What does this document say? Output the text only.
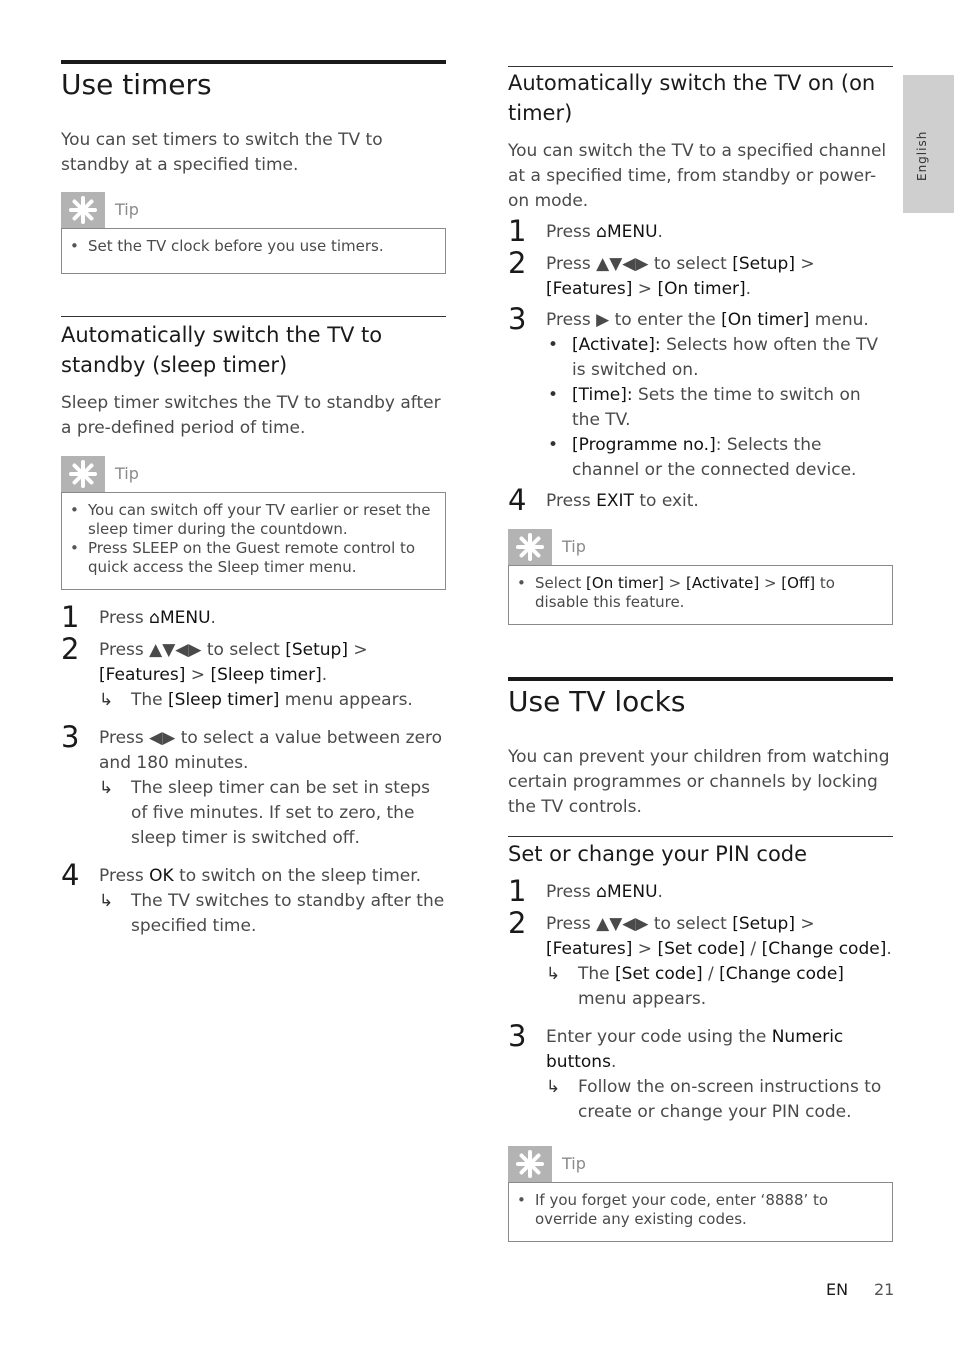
English
Use timers
You can set timers to switch the TV to standby at a specified time.
Tip
• Set the TV clock before you use timers.
Automatically switch the TV to
standby (sleep timer)
Sleep timer switches the TV to standby after a pre-defined period of time.
Tip
• You can switch off your TV earlier or reset the sleep timer during the countdown.
• Press SLEEP on the Guest remote control to quick access the Sleep timer menu.
1 Press ⌂MENU.
2 Press ▲▼◀▶ to select [Setup] >
[Features] > [Sleep timer].
↳ The [Sleep timer] menu appears.
3 Press ◀▶ to select a value between zero and 180 minutes.
↳ The sleep timer can be set in steps of five minutes. If set to zero, the sleep timer is switched off.
4 Press OK to switch on the sleep timer.
↳ The TV switches to standby after the specified time.
Automatically switch the TV on (on
timer)
You can switch the TV to a specified channel at a specified time, from standby or power-on mode.
1 Press ⌂MENU.
2 Press ▲▼◀▶ to select [Setup] >
[Features] > [On timer].
3 Press ▶ to enter the [On timer] menu.
• [Activate]: Selects how often the TV is switched on.
• [Time]: Sets the time to switch on the TV.
• [Programme no.]: Selects the channel or the connected device.
4 Press EXIT to exit.
Tip
• Select [On timer] > [Activate] > [Off] to disable this feature.
Use TV locks
You can prevent your children from watching certain programmes or channels by locking the TV controls.
Set or change your PIN code
1 Press ⌂MENU.
2 Press ▲▼◀▶ to select [Setup] >
[Features] > [Set code] / [Change code].
↳ The [Set code] / [Change code] menu appears.
3 Enter your code using the Numeric buttons.
↳ Follow the on-screen instructions to create or change your PIN code.
Tip
• If you forget your code, enter ‘8888’ to override any existing codes.
EN 21
